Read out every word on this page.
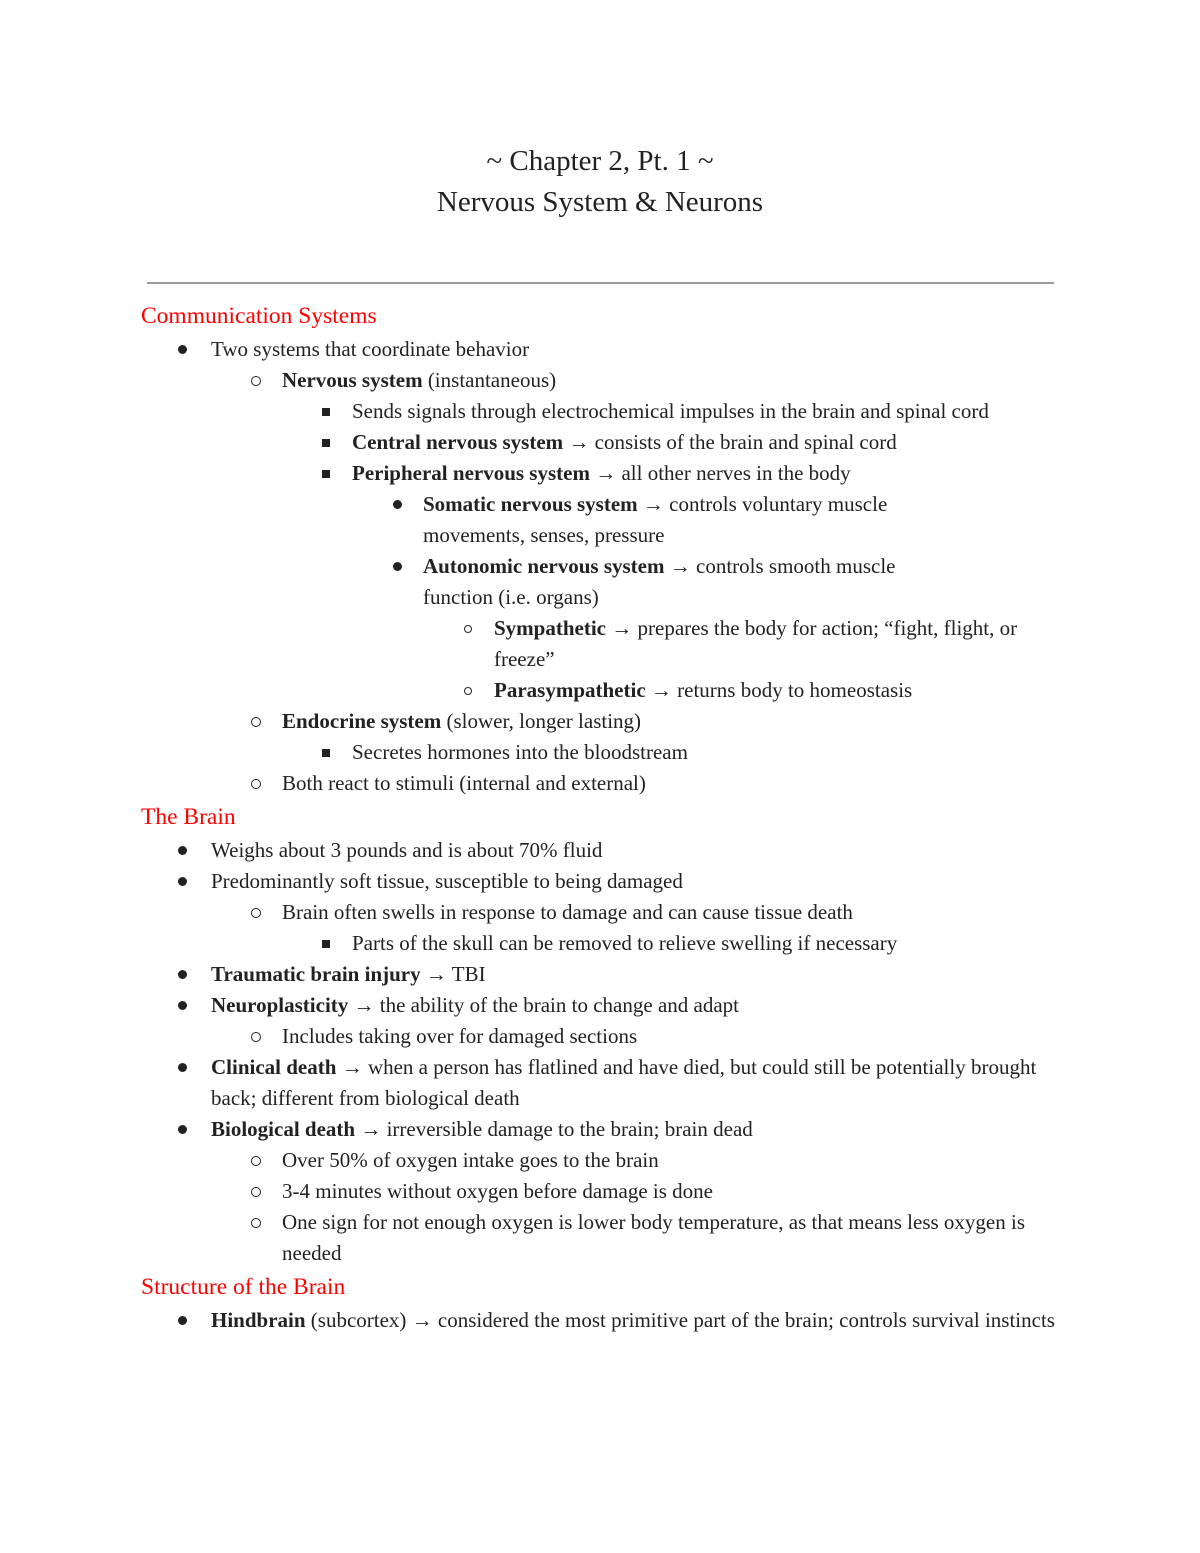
~ Chapter 2, Pt. 1 ~
Nervous System & Neurons
Communication Systems
Two systems that coordinate behavior
Nervous system (instantaneous)
Sends signals through electrochemical impulses in the brain and spinal cord
Central nervous system → consists of the brain and spinal cord
Peripheral nervous system → all other nerves in the body
Somatic nervous system → controls voluntary muscle movements, senses, pressure
Autonomic nervous system → controls smooth muscle function (i.e. organs)
Sympathetic → prepares the body for action; “fight, flight, or freeze”
Parasympathetic → returns body to homeostasis
Endocrine system (slower, longer lasting)
Secretes hormones into the bloodstream
Both react to stimuli (internal and external)
The Brain
Weighs about 3 pounds and is about 70% fluid
Predominantly soft tissue, susceptible to being damaged
Brain often swells in response to damage and can cause tissue death
Parts of the skull can be removed to relieve swelling if necessary
Traumatic brain injury → TBI
Neuroplasticity → the ability of the brain to change and adapt
Includes taking over for damaged sections
Clinical death → when a person has flatlined and have died, but could still be potentially brought back; different from biological death
Biological death → irreversible damage to the brain; brain dead
Over 50% of oxygen intake goes to the brain
3-4 minutes without oxygen before damage is done
One sign for not enough oxygen is lower body temperature, as that means less oxygen is needed
Structure of the Brain
Hindbrain (subcortex) → considered the most primitive part of the brain; controls survival instincts
